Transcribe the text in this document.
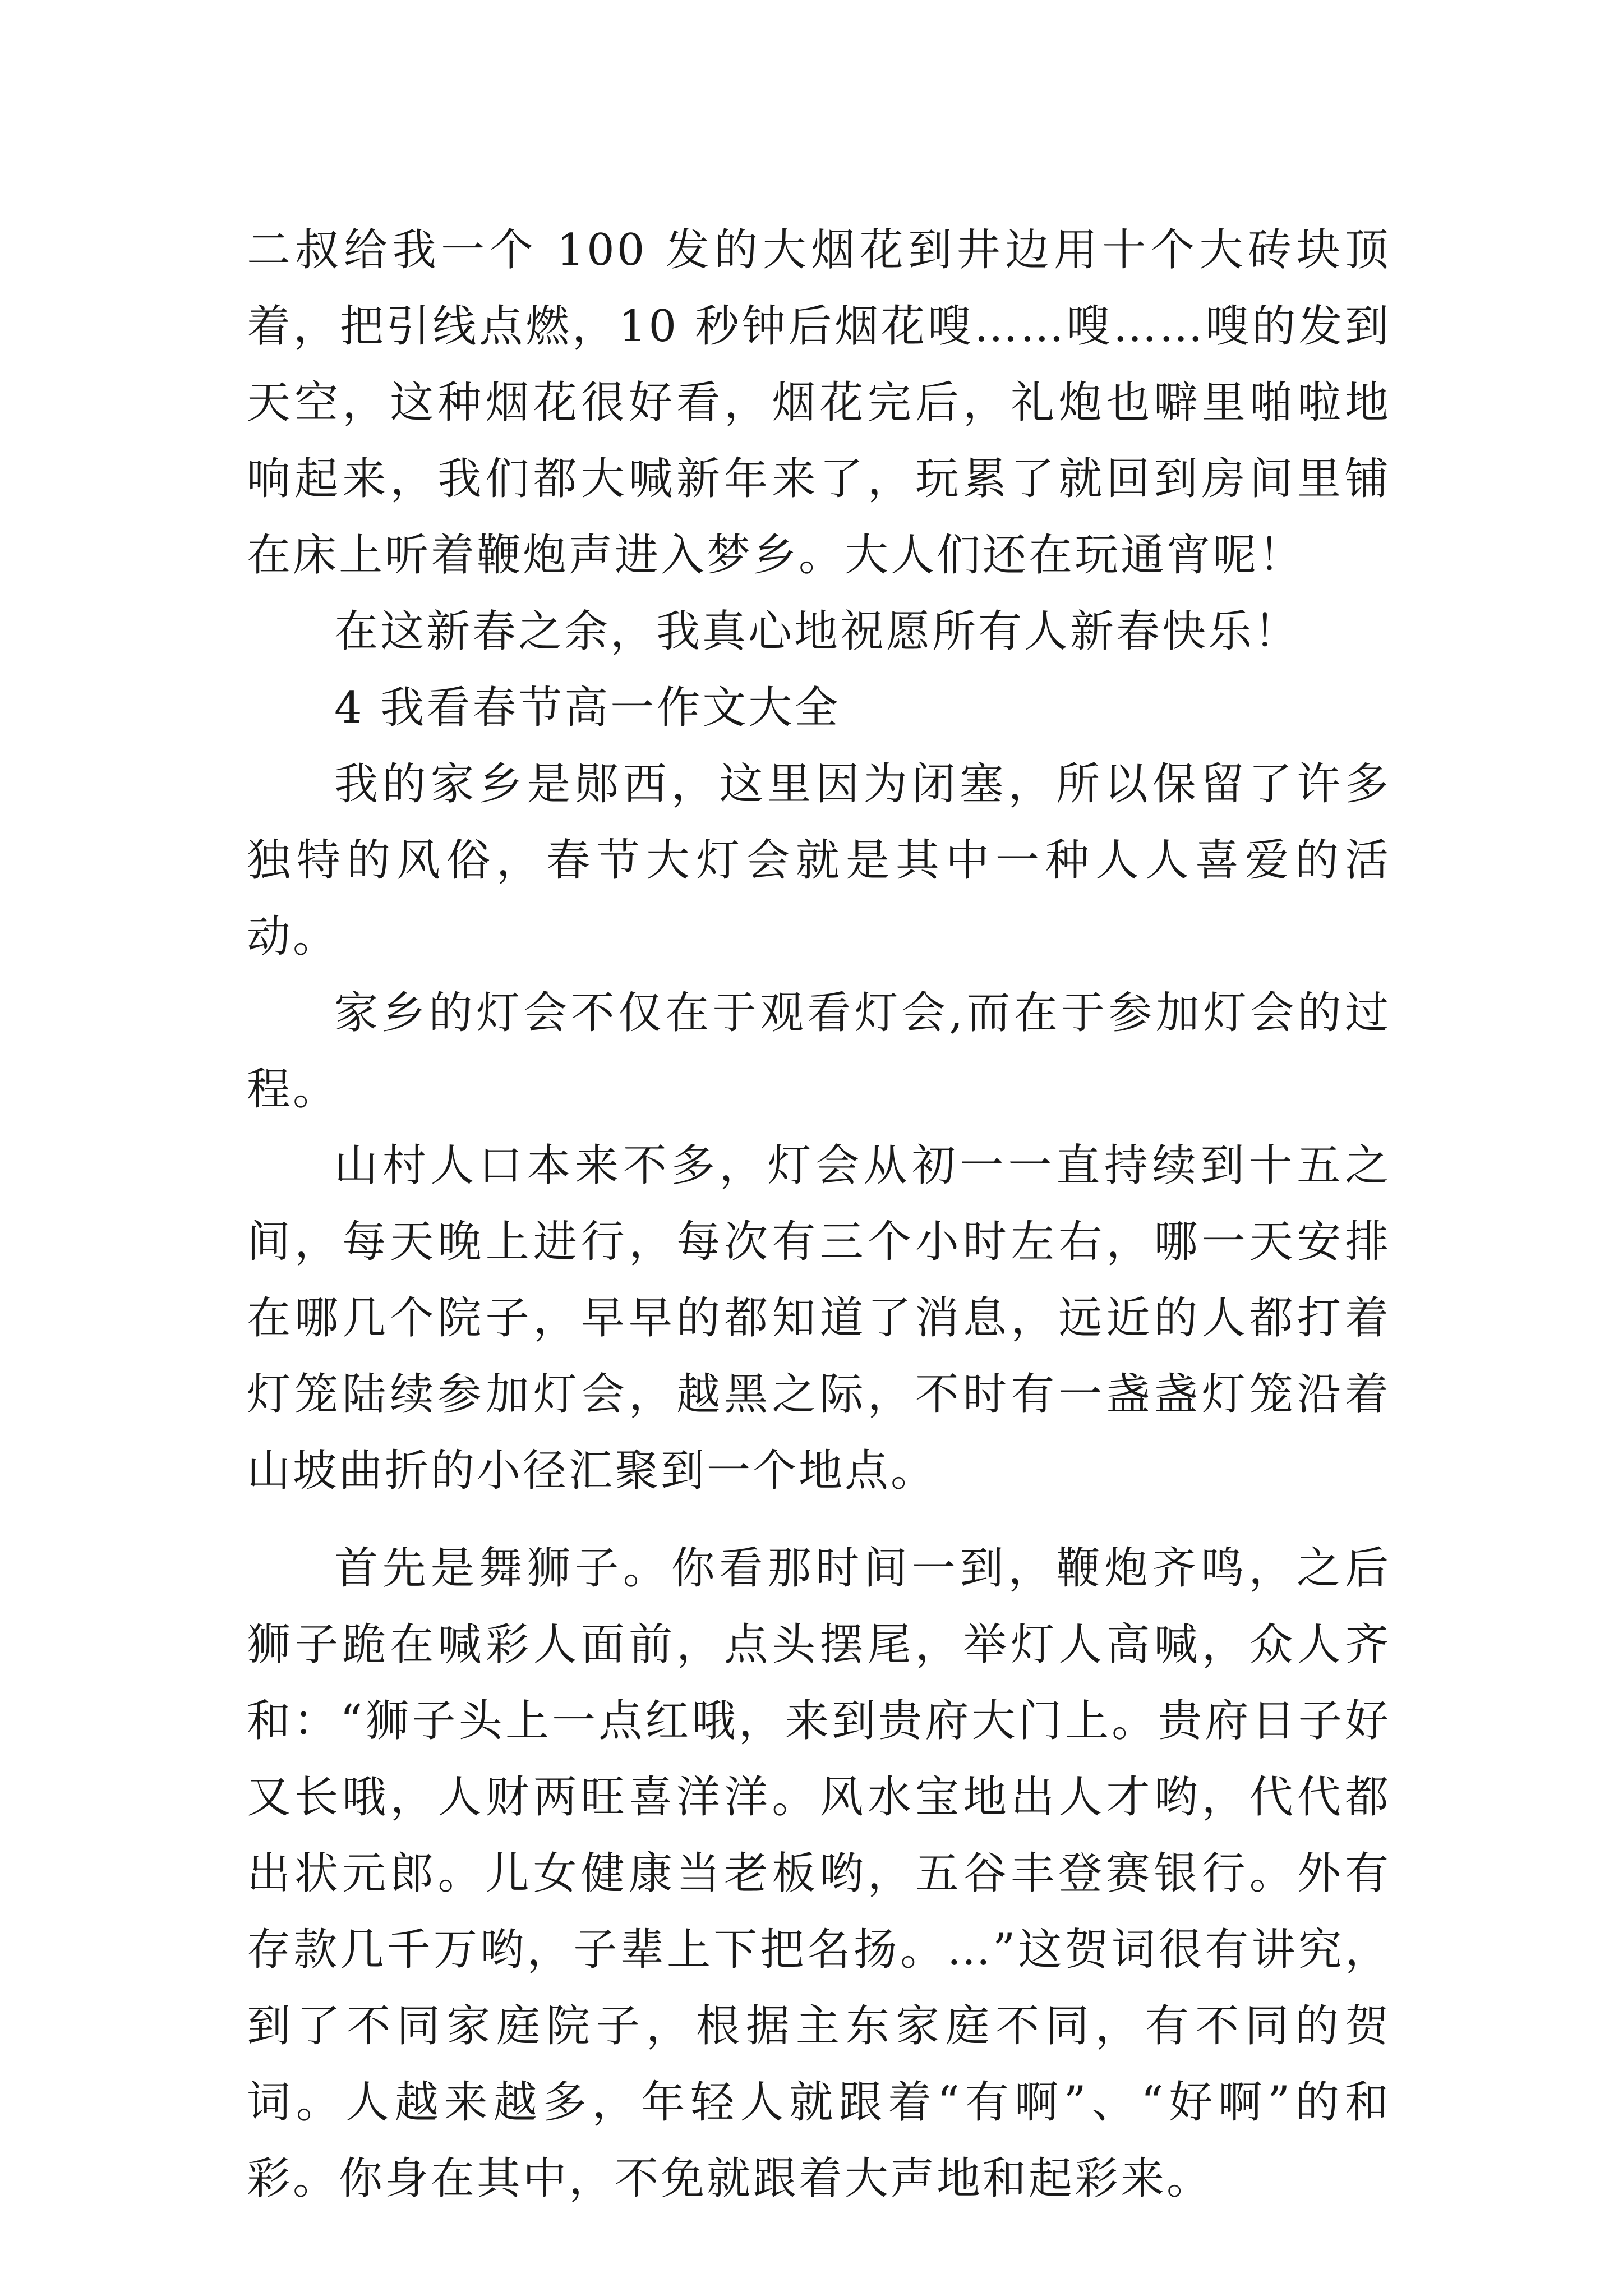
二叔给我一个 100 发的大烟花到井边用十个大砖块顶着，把引线点燃，10 秒钟后烟花嗖……嗖……嗖的发到天空，这种烟花很好看，烟花完后，礼炮也噼里啪啦地响起来，我们都大喊新年来了，玩累了就回到房间里铺在床上听着鞭炮声进入梦乡。大人们还在玩通宵呢！

在这新春之余，我真心地祝愿所有人新春快乐！

4 我看春节高一作文大全

我的家乡是郧西，这里因为闭塞，所以保留了许多独特的风俗，春节大灯会就是其中一种人人喜爱的活动。

家乡的灯会不仅在于观看灯会,而在于参加灯会的过程。

山村人口本来不多，灯会从初一一直持续到十五之间，每天晚上进行，每次有三个小时左右，哪一天安排在哪几个院子，早早的都知道了消息，远近的人都打着灯笼陆续参加灯会，越黑之际，不时有一盏盏灯笼沿着山坡曲折的小径汇聚到一个地点。

首先是舞狮子。你看那时间一到，鞭炮齐鸣，之后狮子跪在喊彩人面前，点头摆尾，举灯人高喊，众人齐和：“狮子头上一点红哦，来到贵府大门上。贵府日子好又长哦，人财两旺喜洋洋。风水宝地出人才哟，代代都出状元郎。儿女健康当老板哟，五谷丰登赛银行。外有存款几千万哟，子辈上下把名扬。…”这贺词很有讲究，到了不同家庭院子，根据主东家庭不同，有不同的贺词。人越来越多，年轻人就跟着“有啊”、“好啊”的和彩。你身在其中，不免就跟着大声地和起彩来。
